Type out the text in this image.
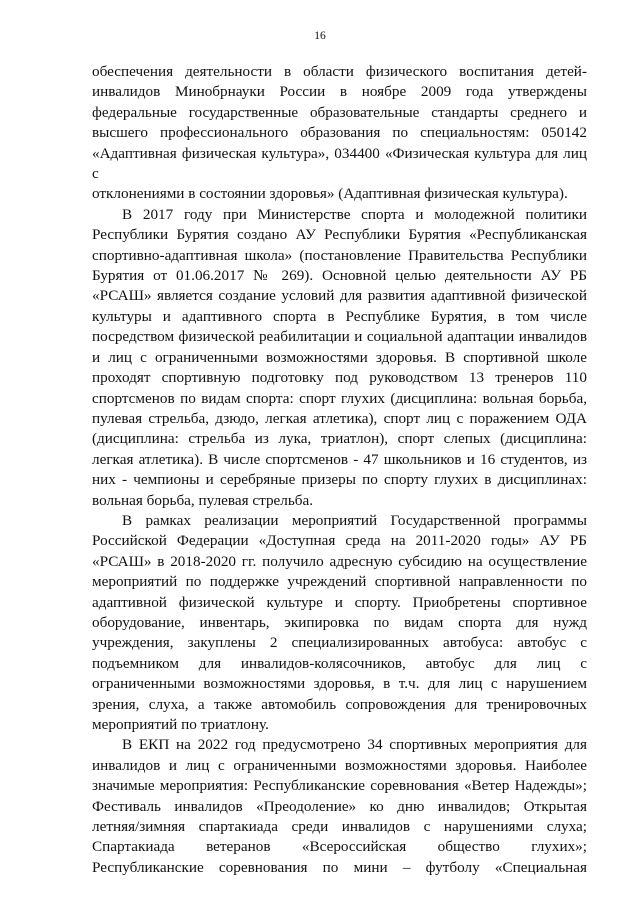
16
обеспечения деятельности в области физического воспитания детей-
инвалидов Минобрнауки России в ноябре 2009 года утверждены
федеральные государственные образовательные стандарты среднего и
высшего профессионального образования по специальностям: 050142
«Адаптивная физическая культура», 034400 «Физическая культура для лиц с
отклонениями в состоянии здоровья» (Адаптивная физическая культура).
В 2017 году при Министерстве спорта и молодежной политики
Республики Бурятия создано АУ Республики Бурятия «Республиканская
спортивно-адаптивная школа» (постановление Правительства Республики
Бурятия от 01.06.2017 № 269). Основной целью деятельности АУ РБ
«РСАШ» является создание условий для развития адаптивной физической
культуры и адаптивного спорта в Республике Бурятия, в том числе
посредством физической реабилитации и социальной адаптации инвалидов
и лиц с ограниченными возможностями здоровья. В спортивной школе
проходят спортивную подготовку под руководством 13 тренеров 110
спортсменов по видам спорта: спорт глухих (дисциплина: вольная борьба,
пулевая стрельба, дзюдо, легкая атлетика), спорт лиц с поражением ОДА
(дисциплина: стрельба из лука, триатлон), спорт слепых (дисциплина:
легкая атлетика). В числе спортсменов - 47 школьников и 16 студентов, из
них - чемпионы и серебряные призеры по спорту глухих в дисциплинах:
вольная борьба, пулевая стрельба.
В рамках реализации мероприятий Государственной программы
Российской Федерации «Доступная среда на 2011-2020 годы» АУ РБ
«РСАШ» в 2018-2020 гг. получило адресную субсидию на осуществление
мероприятий по поддержке учреждений спортивной направленности по
адаптивной физической культуре и спорту. Приобретены спортивное
оборудование, инвентарь, экипировка по видам спорта для нужд
учреждения, закуплены 2 специализированных автобуса: автобус с
подъемником для инвалидов-колясочников, автобус для лиц с
ограниченными возможностями здоровья, в т.ч. для лиц с нарушением
зрения, слуха, а также автомобиль сопровождения для тренировочных
мероприятий по триатлону.
В ЕКП на 2022 год предусмотрено 34 спортивных мероприятия для
инвалидов и лиц с ограниченными возможностями здоровья. Наиболее
значимые мероприятия: Республиканские соревнования «Ветер Надежды»;
Фестиваль инвалидов «Преодоление» ко дню инвалидов; Открытая
летняя/зимняя спартакиада среди инвалидов с нарушениями слуха;
Спартакиада ветеранов «Всероссийская общество глухих»;
Республиканские соревнования по мини – футболу «Специальная
